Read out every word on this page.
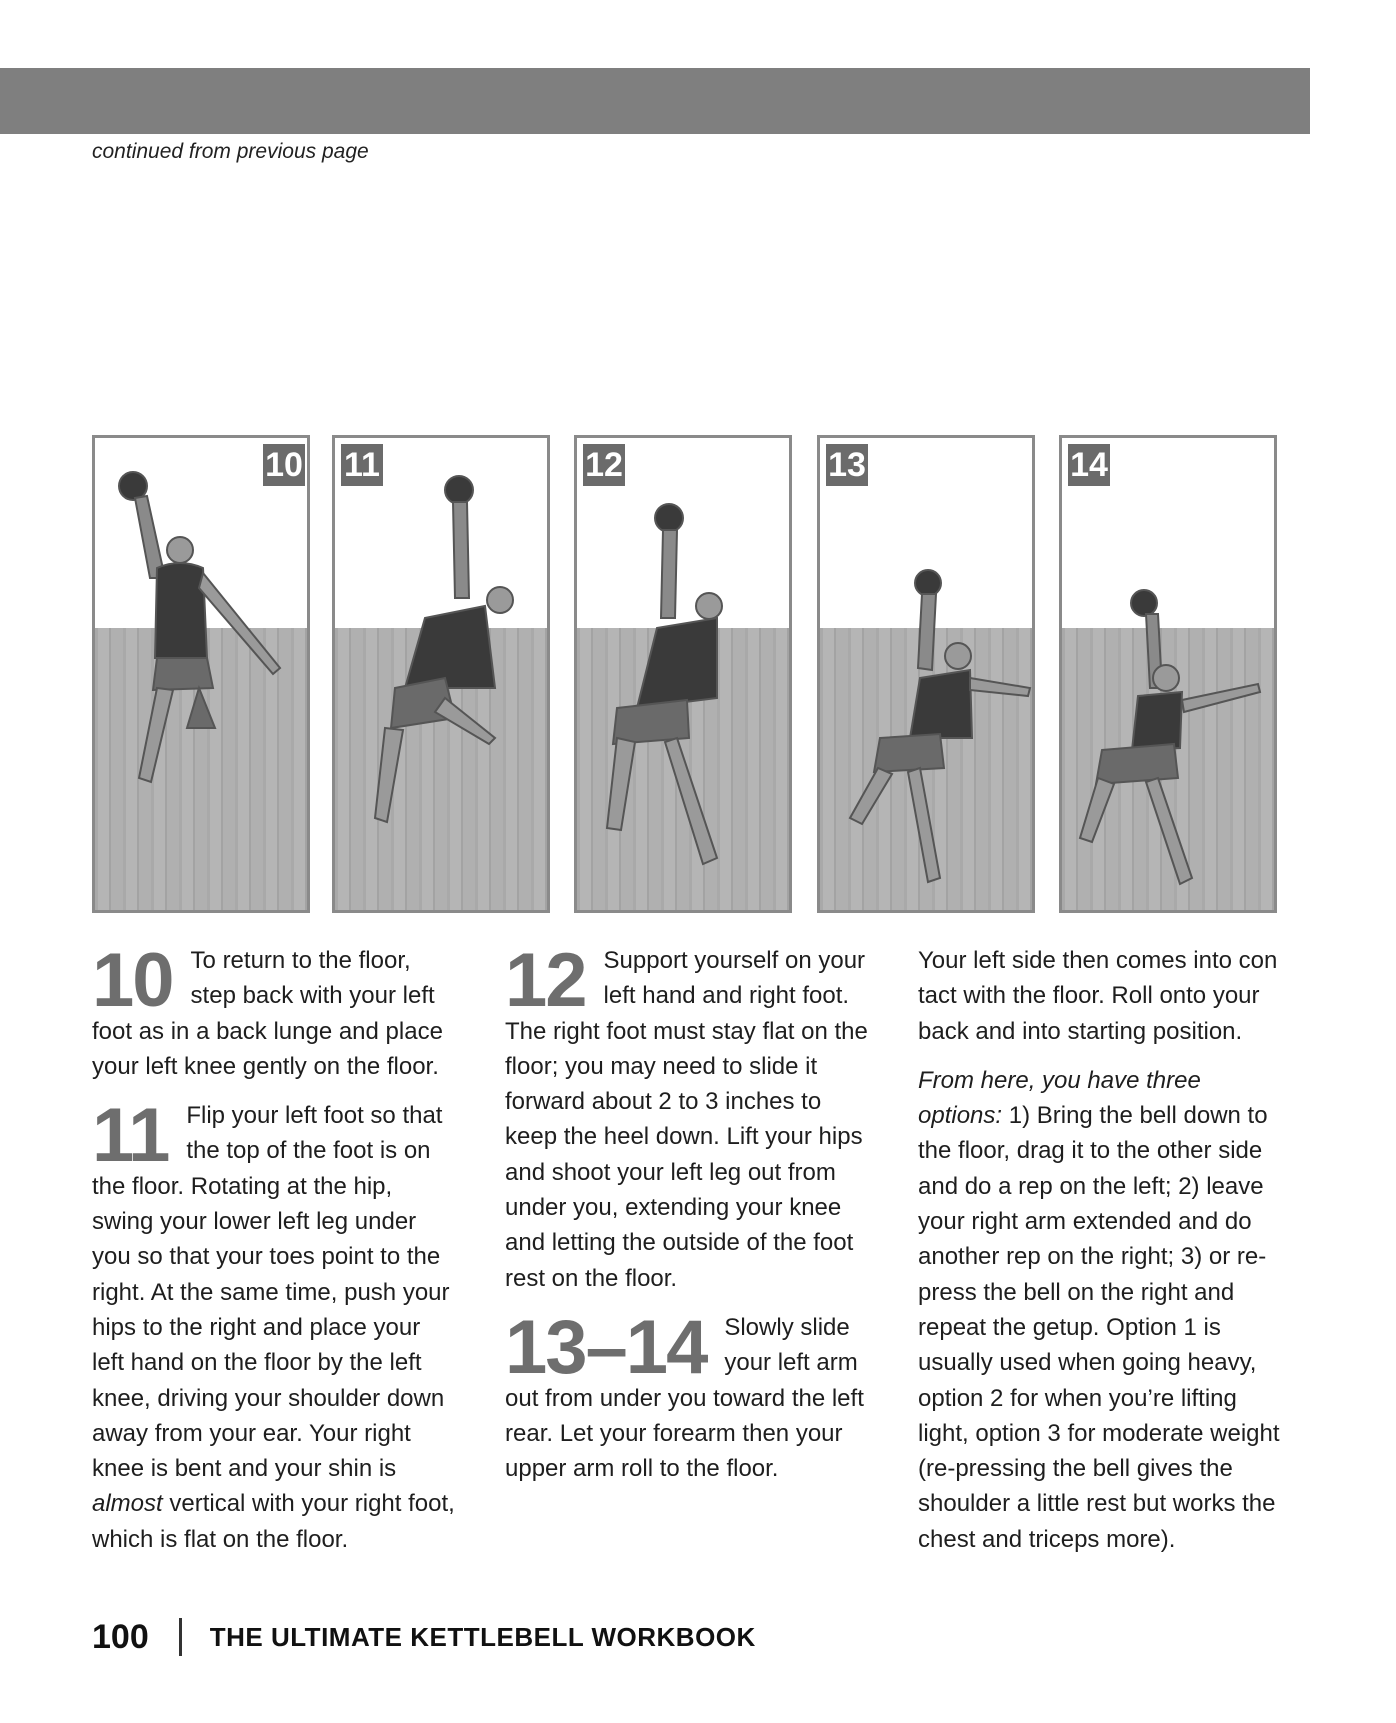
continued from previous page
10 11	12	13	14

10 To return to the floor, step back with your left foot as in a back lunge and place your left knee gently on the floor.

11 Flip your left foot so that the top of the foot is on the floor. Rotating at the hip, swing your lower left leg under you so that your toes point to the right. At the same time, push your hips to the right and place your left hand on the floor by the left knee, driving your shoulder down away from your ear. Your right knee is bent and your shin is almost vertical with your right foot, which is flat on the floor.

12 Support yourself on your left hand and right foot. The right foot must stay flat on the floor; you may need to slide it forward about 2 to 3 inches to keep the heel down. Lift your hips and shoot your left leg out from under you, extending your knee and letting the outside of the foot rest on the floor.

13–14 Slowly slide your left arm out from under you toward the left rear. Let your forearm then your upper arm roll to the floor.

Your left side then comes into con tact with the floor. Roll onto your back and into starting position.

From here, you have three options: 1) Bring the bell down to the floor, drag it to the other side and do a rep on the left; 2) leave your right arm extended and do another rep on the right; 3) or re-press the bell on the right and repeat the getup. Option 1 is usually used when going heavy, option 2 for when you’re lifting light, option 3 for moderate weight (re-pressing the bell gives the shoulder a little rest but works the chest and triceps more).

100 THE ULTIMATE KETTLEBELL WORKBOOK
